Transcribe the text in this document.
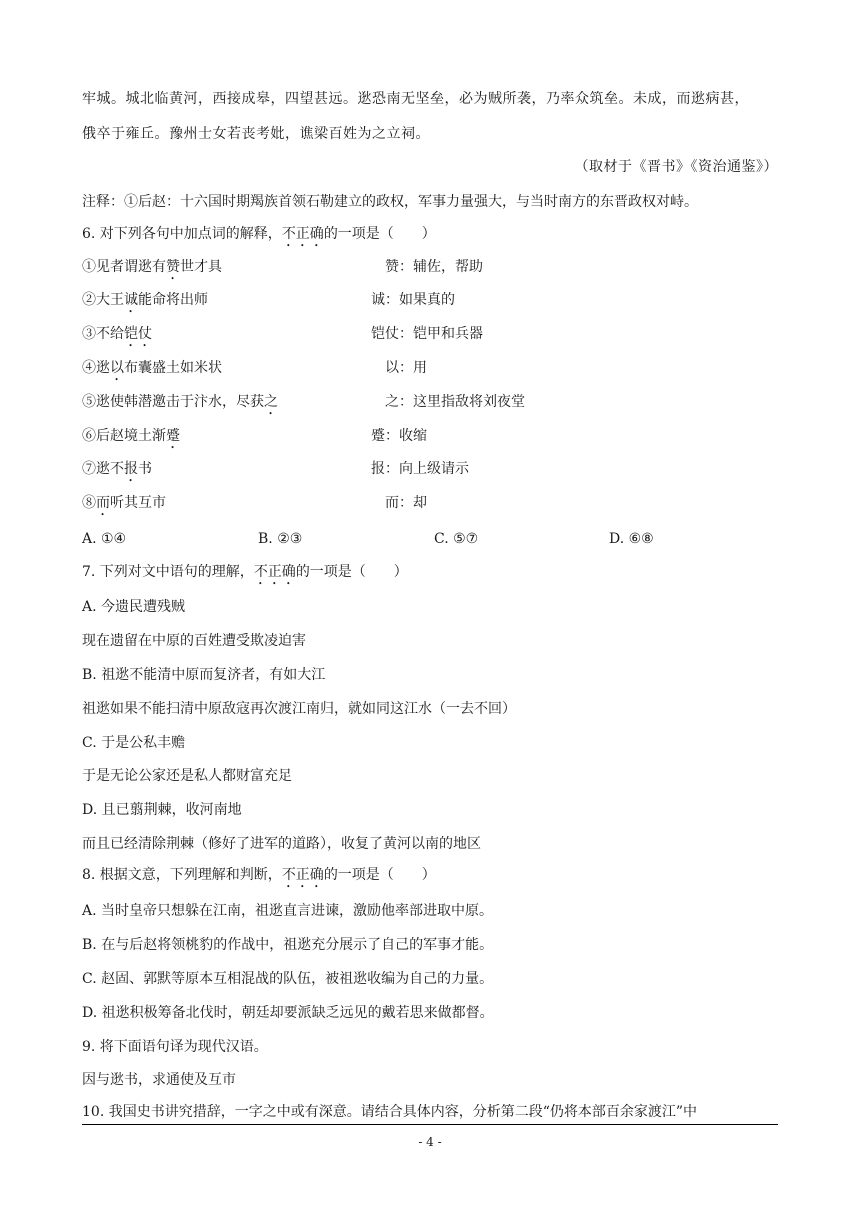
牢城。城北临黄河，西接成皋，四望甚远。逖恐南无坚垒，必为贼所袭，乃率众筑垒。未成，而逖病甚，
俄卒于雍丘。豫州士女若丧考妣，谯梁百姓为之立祠。
（取材于《晋书》《资治通鉴》）
注释：①后赵：十六国时期羯族首领石勒建立的政权，军事力量强大，与当时南方的东晋政权对峙。
6. 对下列各句中加点词的解释，不正确的一项是（　　）
①见者谓逖有赞世才具	赞：辅佐，帮助
②大王诚能命将出师	诚：如果真的
③不给铠仗	铠仗：铠甲和兵器
④逖以布囊盛土如米状	以：用
⑤逖使韩潜邀击于汴水，尽获之	之：这里指敌将刘夜堂
⑥后赵境土渐蹙	蹙：收缩
⑦逖不报书	报：向上级请示
⑧而听其互市	而：却
A. ①④	B. ②③	C. ⑤⑦	D. ⑥⑧
7. 下列对文中语句的理解，不正确的一项是（　　）
A. 今遗民遭残贼
现在遗留在中原的百姓遭受欺凌迫害
B. 祖逖不能清中原而复济者，有如大江
祖逖如果不能扫清中原敌寇再次渡江南归，就如同这江水（一去不回）
C. 于是公私丰赡
于是无论公家还是私人都财富充足
D. 且已翦荆棘，收河南地
而且已经清除荆棘（修好了进军的道路），收复了黄河以南的地区
8. 根据文意，下列理解和判断，不正确的一项是（　　）
A. 当时皇帝只想躲在江南，祖逖直言进谏，激励他率部进取中原。
B. 在与后赵将领桃豹的作战中，祖逖充分展示了自己的军事才能。
C. 赵固、郭默等原本互相混战的队伍，被祖逖收编为自己的力量。
D. 祖逖积极筹备北伐时，朝廷却要派缺乏远见的戴若思来做都督。
9. 将下面语句译为现代汉语。
因与逖书，求通使及互市
10. 我国史书讲究措辞，一字之中或有深意。请结合具体内容，分析第二段“仍将本部百余家渡江”中
- 4 -
